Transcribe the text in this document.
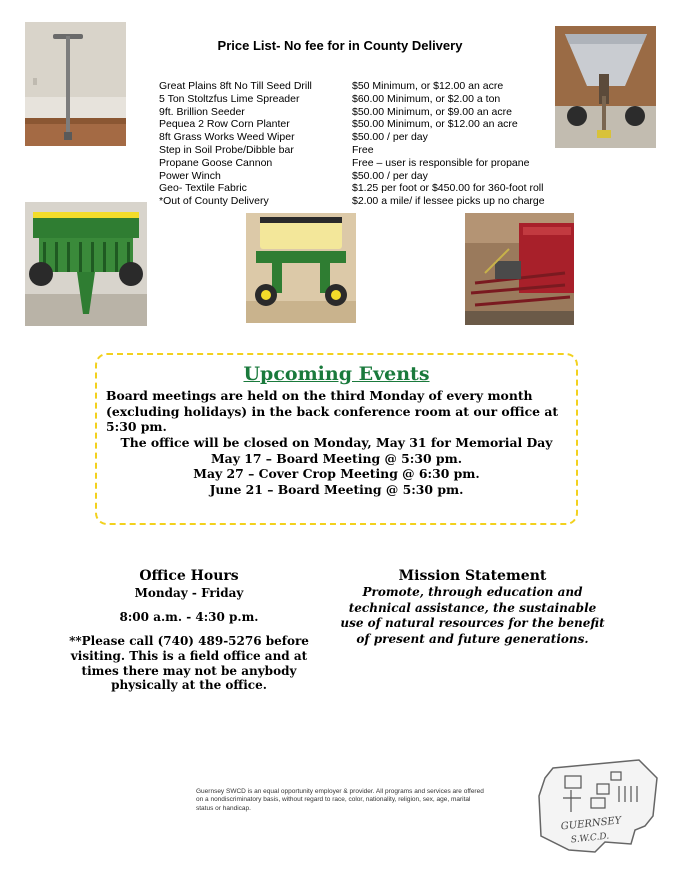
Price List- No fee for in County Delivery
Great Plains 8ft No Till Seed Drill	$50 Minimum, or $12.00 an acre
5 Ton Stoltzfus Lime Spreader	$60.00 Minimum, or $2.00 a ton
9ft. Brillion Seeder	$50.00 Minimum, or $9.00 an acre
Pequea 2 Row Corn Planter	$50.00 Minimum, or $12.00 an acre
8ft Grass Works Weed Wiper	$50.00 / per day
Step in Soil Probe/Dibble bar	Free
Propane Goose Cannon	Free – user is responsible for propane
Power Winch	$50.00 / per day
Geo- Textile Fabric	$1.25 per foot or $450.00 for 360-foot roll
*Out of County Delivery	$2.00 a mile/ if lessee picks up no charge
Upcoming Events
Board meetings are held on the third Monday of every month (excluding holidays) in the back conference room at our office at 5:30 pm.
The office will be closed on Monday, May 31 for Memorial Day
May 17 – Board Meeting @ 5:30 pm.
May 27 – Cover Crop Meeting @ 6:30 pm.
June 21 – Board Meeting @ 5:30 pm.
Office Hours
Monday - Friday
8:00 a.m. - 4:30 p.m.
**Please call (740) 489-5276 before visiting. This is a field office and at times there may not be anybody physically at the office.
Mission Statement
Promote, through education and technical assistance, the sustainable use of natural resources for the benefit of present and future generations.
Guernsey SWCD is an equal opportunity employer & provider. All programs and services are offered on a nondiscriminatory basis, without regard to race, color, nationality, religion, sex, age, marital status or handicap.
GUERNSEY
S.W.C.D.
